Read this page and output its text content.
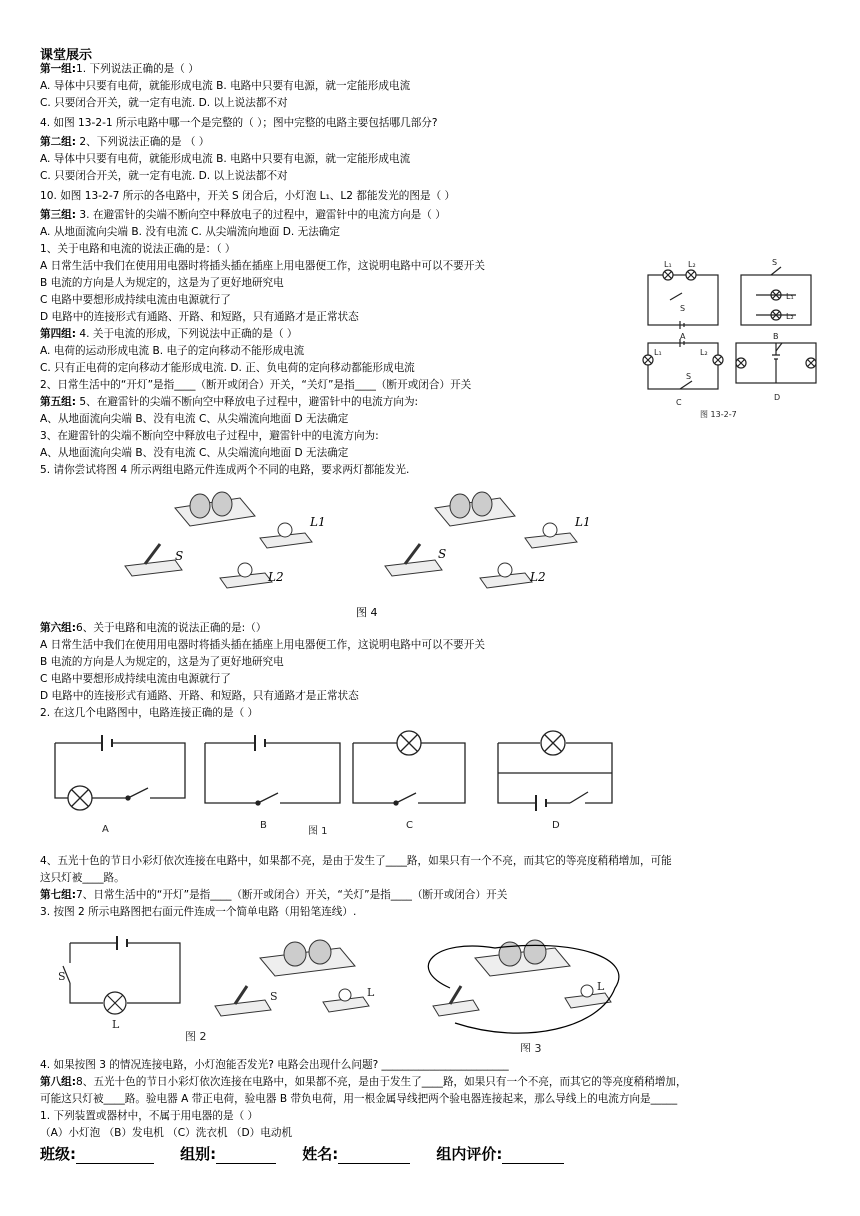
课堂展示
第一组:1. 下列说法正确的是（ ）
A. 导体中只要有电荷，就能形成电流 B. 电路中只要有电源，就一定能形成电流
C. 只要闭合开关，就一定有电流. D. 以上说法都不对
4. 如图 13-2-1 所示电路中哪一个是完整的（ ）；图中完整的电路主要包括哪几部分?
第二组: 2、下列说法正确的是 （ ）
A. 导体中只要有电荷，就能形成电流 B. 电路中只要有电源，就一定能形成电流
C. 只要闭合开关，就一定有电流. D. 以上说法都不对
10. 如图 13-2-7 所示的各电路中，开关 S 闭合后，小灯泡 L₁、L2 都能发光的图是（ ）
第三组: 3. 在避雷针的尖端不断向空中释放电子的过程中，避雷针中的电流方向是（ ）
A. 从地面流向尖端 B. 没有电流 C. 从尖端流向地面 D. 无法确定
1、关于电路和电流的说法正确的是：（ ）
A 日常生活中我们在使用用电器时将插头插在插座上用电器便工作，这说明电路中可以不要开关
B 电流的方向是人为规定的，这是为了更好地研究电
C 电路中要想形成持续电流由电源就行了
D 电路中的连接形式有通路、开路、和短路，只有通路才是正常状态
第四组: 4. 关于电流的形成，下列说法中正确的是（ ）
A. 电荷的运动形成电流 B. 电子的定向移动不能形成电流
C. 只有正电荷的定向移动才能形成电流. D. 正、负电荷的定向移动都能形成电流
2、日常生活中的“开灯”是指____（断开或闭合）开关，“关灯”是指____（断开或闭合）开关
第五组: 5、在避雷针的尖端不断向空中释放电子过程中，避雷针中的电流方向为:
A、从地面流向尖端 B、没有电流 C、从尖端流向地面 D 无法确定
3、在避雷针的尖端不断向空中释放电子过程中，避雷针中的电流方向为:
A、从地面流向尖端 B、没有电流 C、从尖端流向地面 D 无法确定
5. 请你尝试将图 4 所示两组电路元件连成两个不同的电路，要求两灯都能发光.
L₁ L₂
S
A
L₁
L₂
S
B
L₁	L₂
S
C
D
图 13-2-7
L1
L2
S
L1
L2
S
图 4
第六组:6、关于电路和电流的说法正确的是:（）
A 日常生活中我们在使用用电器时将插头插在插座上用电器便工作，这说明电路中可以不要开关
B 电流的方向是人为规定的，这是为了更好地研究电
C 电路中要想形成持续电流由电源就行了
D 电路中的连接形式有通路、开路、和短路，只有通路才是正常状态
2. 在这几个电路图中，电路连接正确的是（ ）
A	B
图 1
C	D
4、五光十色的节日小彩灯依次连接在电路中，如果都不亮，是由于发生了____路，如果只有一个不亮，而其它的等亮度稍稍增加，可能
这只灯被____路。
第七组:7、日常生活中的“开灯”是指____（断开或闭合）开关，“关灯”是指____（断开或闭合）开关
3. 按图 2 所示电路图把右面元件连成一个简单电路（用铅笔连线）.
L
S
图 2
S	L	L
图 3
4. 如果按图 3 的情况连接电路，小灯泡能否发光? 电路会出现什么问题? ________________________
第八组:8、五光十色的节日小彩灯依次连接在电路中，如果都不亮，是由于发生了____路，如果只有一个不亮，而其它的等亮度稍稍增加，
可能这只灯被____路。验电器 A 带正电荷，验电器 B 带负电荷，用一根金属导线把两个验电器连接起来，那么导线上的电流方向是_____
1. 下列装置或器材中，不属于用电器的是（ ）
（A）小灯泡 （B）发电机 （C）洗衣机 （D）电动机
班级:	组别:	姓名:	组内评价:
